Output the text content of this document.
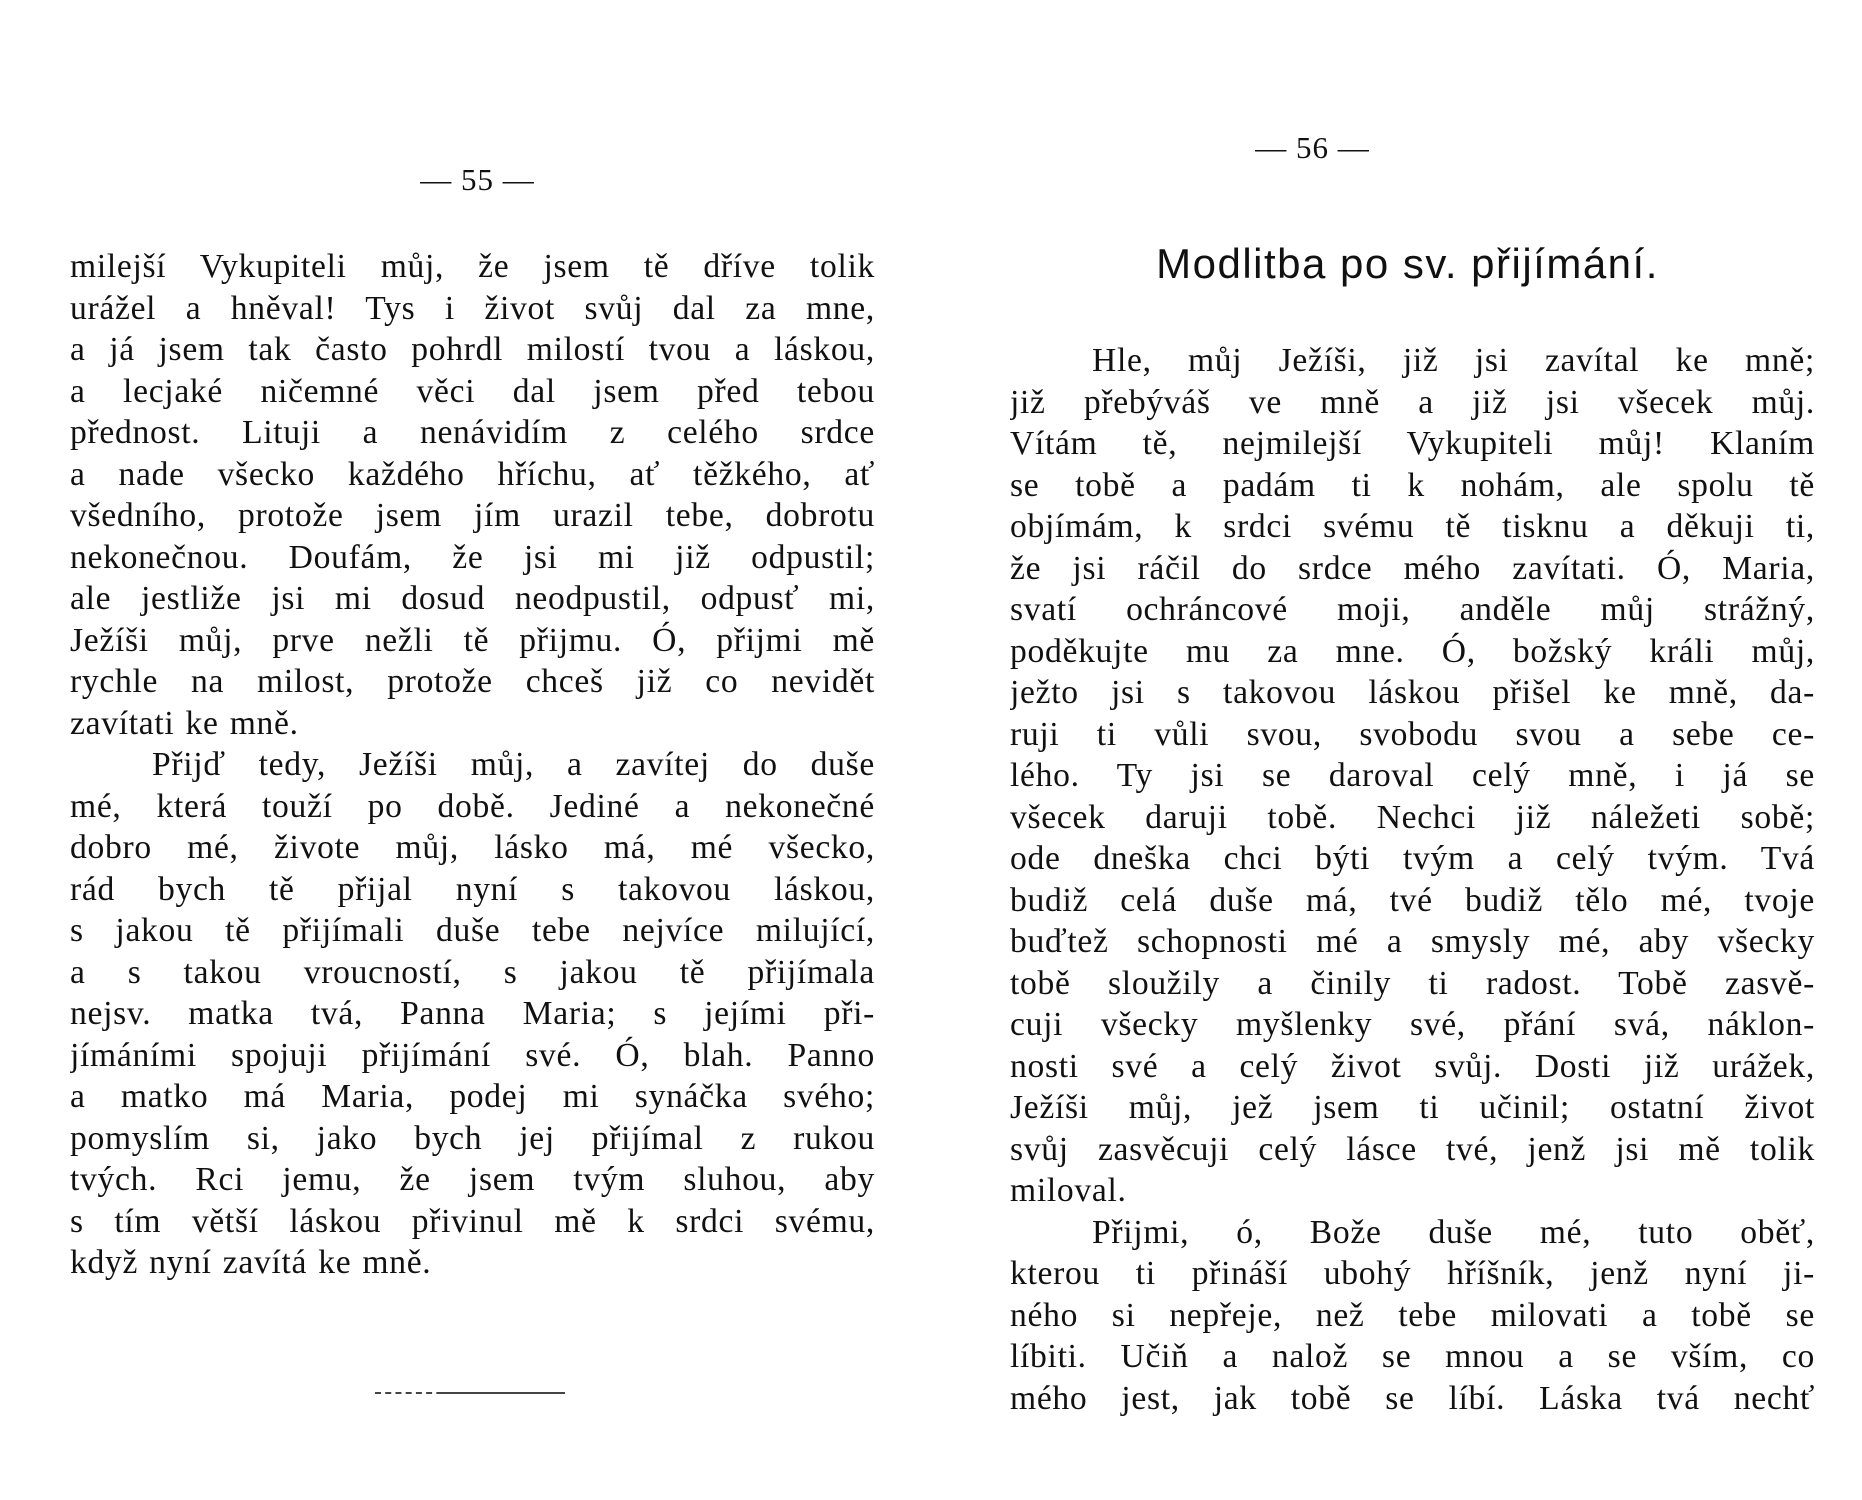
— 55 —
milejší Vykupiteli můj, že jsem tě dříve tolik
urážel a hněval! Tys i život svůj dal za mne,
a já jsem tak často pohrdl milostí tvou a láskou,
a lecjaké ničemné věci dal jsem před tebou
přednost. Lituji a nenávidím z celého srdce
a nade všecko každého hříchu, ať těžkého, ať
všedního, protože jsem jím urazil tebe, dobrotu
nekonečnou. Doufám, že jsi mi již odpustil;
ale jestliže jsi mi dosud neodpustil, odpusť mi,
Ježíši můj, prve nežli tě přijmu. Ó, přijmi mě
rychle na milost, protože chceš již co nevidět
zavítati ke mně.
Přijď tedy, Ježíši můj, a zavítej do duše
mé, která touží po době. Jediné a nekonečné
dobro mé, živote můj, lásko má, mé všecko,
rád bych tě přijal nyní s takovou láskou,
s jakou tě přijímali duše tebe nejvíce milující,
a s takou vroucností, s jakou tě přijímala
nejsv. matka tvá, Panna Maria; s jejími při-
jímáními spojuji přijímání své. Ó, blah. Panno
a matko má Maria, podej mi synáčka svého;
pomyslím si, jako bych jej přijímal z rukou
tvých. Rci jemu, že jsem tvým sluhou, aby
s tím větší láskou přivinul mě k srdci svému,
když nyní zavítá ke mně.
— 56 —
Modlitba po sv. přijímání.
Hle, můj Ježíši, již jsi zavítal ke mně;
již přebýváš ve mně a již jsi všecek můj.
Vítám tě, nejmilejší Vykupiteli můj! Klaním
se tobě a padám ti k nohám, ale spolu tě
objímám, k srdci svému tě tisknu a děkuji ti,
že jsi ráčil do srdce mého zavítati. Ó, Maria,
svatí ochráncové moji, anděle můj strážný,
poděkujte mu za mne. Ó, božský králi můj,
ježto jsi s takovou láskou přišel ke mně, da-
ruji ti vůli svou, svobodu svou a sebe ce-
lého. Ty jsi se daroval celý mně, i já se
všecek daruji tobě. Nechci již náležeti sobě;
ode dneška chci býti tvým a celý tvým. Tvá
budiž celá duše má, tvé budiž tělo mé, tvoje
buďtež schopnosti mé a smysly mé, aby všecky
tobě sloužily a činily ti radost. Tobě zasvě-
cuji všecky myšlenky své, přání svá, náklon-
nosti své a celý život svůj. Dosti již urážek,
Ježíši můj, jež jsem ti učinil; ostatní život
svůj zasvěcuji celý lásce tvé, jenž jsi mě tolik
miloval.
Přijmi, ó, Bože duše mé, tuto oběť,
kterou ti přináší ubohý hříšník, jenž nyní ji-
ného si nepřeje, než tebe milovati a tobě se
líbiti. Učiň a nalož se mnou a se vším, co
mého jest, jak tobě se líbí. Láska tvá nechť
